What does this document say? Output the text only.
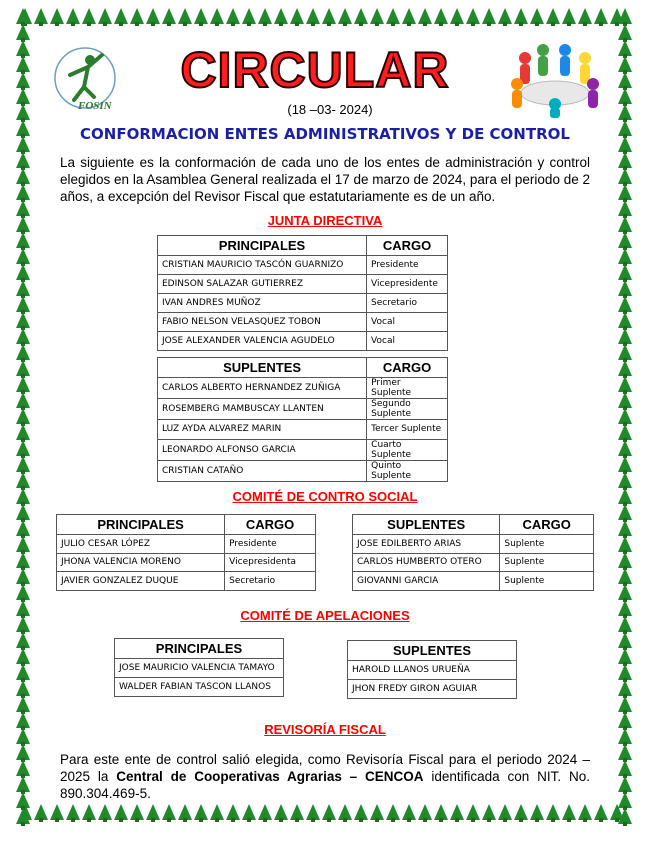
FOSIN
CIRCULAR
(18 –03- 2024)
CONFORMACION ENTES ADMINISTRATIVOS Y DE CONTROL
La siguiente es la conformación de cada uno de los entes de administración y control elegidos en la Asamblea General realizada el 17 de marzo de 2024, para el periodo de 2 años, a excepción del Revisor Fiscal que estatutariamente es de un año.
JUNTA DIRECTIVA
PRINCIPALES	CARGO
CRISTIAN MAURICIO TASCÓN GUARNIZO	Presidente
EDINSON SALAZAR GUTIERREZ	Vicepresidente
IVAN ANDRES MUÑOZ	Secretario
FABIO NELSON VELASQUEZ TOBON	Vocal
JOSE ALEXANDER VALENCIA AGUDELO	Vocal
SUPLENTES	CARGO
CARLOS ALBERTO HERNANDEZ ZUÑIGA	Primer Suplente
ROSEMBERG MAMBUSCAY LLANTEN	Segundo Suplente
LUZ AYDA ALVAREZ MARIN	Tercer Suplente
LEONARDO ALFONSO GARCIA	Cuarto Suplente
CRISTIAN CATAÑO	Quinto Suplente
COMITÉ DE CONTRO SOCIAL
PRINCIPALES	CARGO
JULIO CESAR LÓPEZ	Presidente
JHONA VALENCIA MORENO	Vicepresidenta
JAVIER GONZALEZ DUQUE	Secretario
SUPLENTES	CARGO
JOSE EDILBERTO ARIAS	Suplente
CARLOS HUMBERTO OTERO	Suplente
GIOVANNI GARCIA	Suplente
COMITÉ DE APELACIONES
PRINCIPALES
JOSE MAURICIO VALENCIA TAMAYO
WALDER FABIAN TASCON LLANOS
SUPLENTES
HAROLD LLANOS URUEÑA
JHON FREDY GIRON AGUIAR
REVISORÍA FISCAL
Para este ente de control salió elegida, como Revisoría Fiscal para el periodo 2024 –2025 la Central de Cooperativas Agrarias – CENCOA identificada con NIT. No. 890.304.469-5.
